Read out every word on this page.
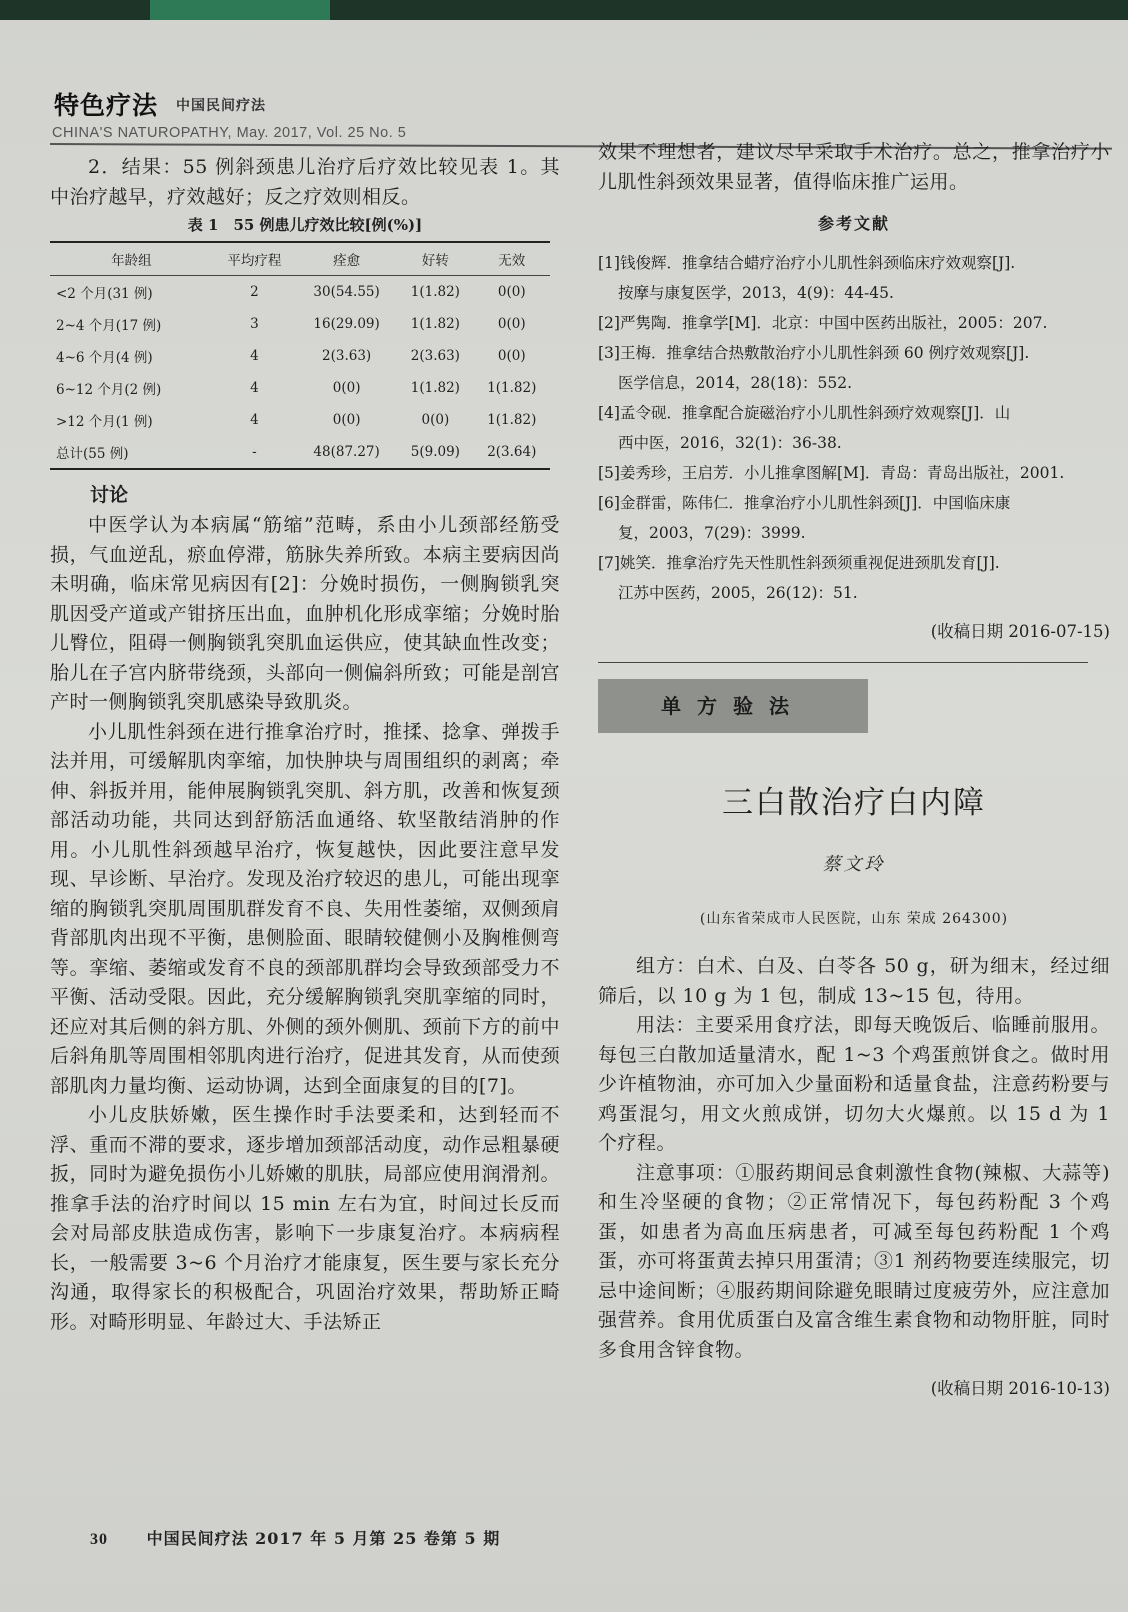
特色疗法 中国民间疗法
CHINA'S NATUROPATHY, May. 2017, Vol. 25 No. 5

2．结果：55 例斜颈患儿治疗后疗效比较见表 1。其中治疗越早，疗效越好；反之疗效则相反。

表 1　55 例患儿疗效比较[例(%)]
年龄组	平均疗程	痊愈	好转	无效
<2 个月(31 例)	2	30(54.55)	1(1.82)	0(0)
2~4 个月(17 例)	3	16(29.09)	1(1.82)	0(0)
4~6 个月(4 例)	4	2(3.63)	2(3.63)	0(0)
6~12 个月(2 例)	4	0(0)	1(1.82)	1(1.82)
>12 个月(1 例)	4	0(0)	0(0)	1(1.82)
总计(55 例)	-	48(87.27)	5(9.09)	2(3.64)
讨论

中医学认为本病属“筋缩”范畴，系由小儿颈部经筋受损，气血逆乱，瘀血停滞，筋脉失养所致。本病主要病因尚未明确，临床常见病因有[2]：分娩时损伤，一侧胸锁乳突肌因受产道或产钳挤压出血，血肿机化形成挛缩；分娩时胎儿臀位，阻碍一侧胸锁乳突肌血运供应，使其缺血性改变；胎儿在子宫内脐带绕颈，头部向一侧偏斜所致；可能是剖宫产时一侧胸锁乳突肌感染导致肌炎。

小儿肌性斜颈在进行推拿治疗时，推揉、捻拿、弹拨手法并用，可缓解肌肉挛缩，加快肿块与周围组织的剥离；牵伸、斜扳并用，能伸展胸锁乳突肌、斜方肌，改善和恢复颈部活动功能，共同达到舒筋活血通络、软坚散结消肿的作用。小儿肌性斜颈越早治疗，恢复越快，因此要注意早发现、早诊断、早治疗。发现及治疗较迟的患儿，可能出现挛缩的胸锁乳突肌周围肌群发育不良、失用性萎缩，双侧颈肩背部肌肉出现不平衡，患侧脸面、眼睛较健侧小及胸椎侧弯等。挛缩、萎缩或发育不良的颈部肌群均会导致颈部受力不平衡、活动受限。因此，充分缓解胸锁乳突肌挛缩的同时，还应对其后侧的斜方肌、外侧的颈外侧肌、颈前下方的前中后斜角肌等周围相邻肌肉进行治疗，促进其发育，从而使颈部肌肉力量均衡、运动协调，达到全面康复的目的[7]。

小儿皮肤娇嫩，医生操作时手法要柔和，达到轻而不浮、重而不滞的要求，逐步增加颈部活动度，动作忌粗暴硬扳，同时为避免损伤小儿娇嫩的肌肤，局部应使用润滑剂。推拿手法的治疗时间以 15 min 左右为宜，时间过长反而会对局部皮肤造成伤害，影响下一步康复治疗。本病病程长，一般需要 3~6 个月治疗才能康复，医生要与家长充分沟通，取得家长的积极配合，巩固治疗效果，帮助矫正畸形。对畸形明显、年龄过大、手法矫正

效果不理想者，建议尽早采取手术治疗。总之，推拿治疗小儿肌性斜颈效果显著，值得临床推广运用。

参考文献
[1]钱俊辉．推拿结合蜡疗治疗小儿肌性斜颈临床疗效观察[J].
按摩与康复医学，2013，4(9)：44-45.
[2]严隽陶．推拿学[M]．北京：中国中医药出版社，2005：207.
[3]王梅．推拿结合热敷散治疗小儿肌性斜颈 60 例疗效观察[J].
医学信息，2014，28(18)：552.
[4]孟令砚．推拿配合旋磁治疗小儿肌性斜颈疗效观察[J]．山
西中医，2016，32(1)：36-38.
[5]姜秀珍，王启芳．小儿推拿图解[M]．青岛：青岛出版社，2001.
[6]金群雷，陈伟仁．推拿治疗小儿肌性斜颈[J]．中国临床康
复，2003，7(29)：3999.
[7]姚笑．推拿治疗先天性肌性斜颈须重视促进颈肌发育[J].
江苏中医药，2005，26(12)：51.
(收稿日期 2016-07-15)
单方验法
三白散治疗白内障
蔡文玲
(山东省荣成市人民医院，山东 荣成 264300)

组方：白术、白及、白苓各 50 g，研为细末，经过细筛后，以 10 g 为 1 包，制成 13~15 包，待用。

用法：主要采用食疗法，即每天晚饭后、临睡前服用。每包三白散加适量清水，配 1~3 个鸡蛋煎饼食之。做时用少许植物油，亦可加入少量面粉和适量食盐，注意药粉要与鸡蛋混匀，用文火煎成饼，切勿大火爆煎。以 15 d 为 1 个疗程。

注意事项：①服药期间忌食刺激性食物(辣椒、大蒜等)和生冷坚硬的食物；②正常情况下，每包药粉配 3 个鸡蛋，如患者为高血压病患者，可减至每包药粉配 1 个鸡蛋，亦可将蛋黄去掉只用蛋清；③1 剂药物要连续服完，切忌中途间断；④服药期间除避免眼睛过度疲劳外，应注意加强营养。食用优质蛋白及富含维生素食物和动物肝脏，同时多食用含锌食物。

(收稿日期 2016-10-13)
30 中国民间疗法 2017 年 5 月第 25 卷第 5 期
